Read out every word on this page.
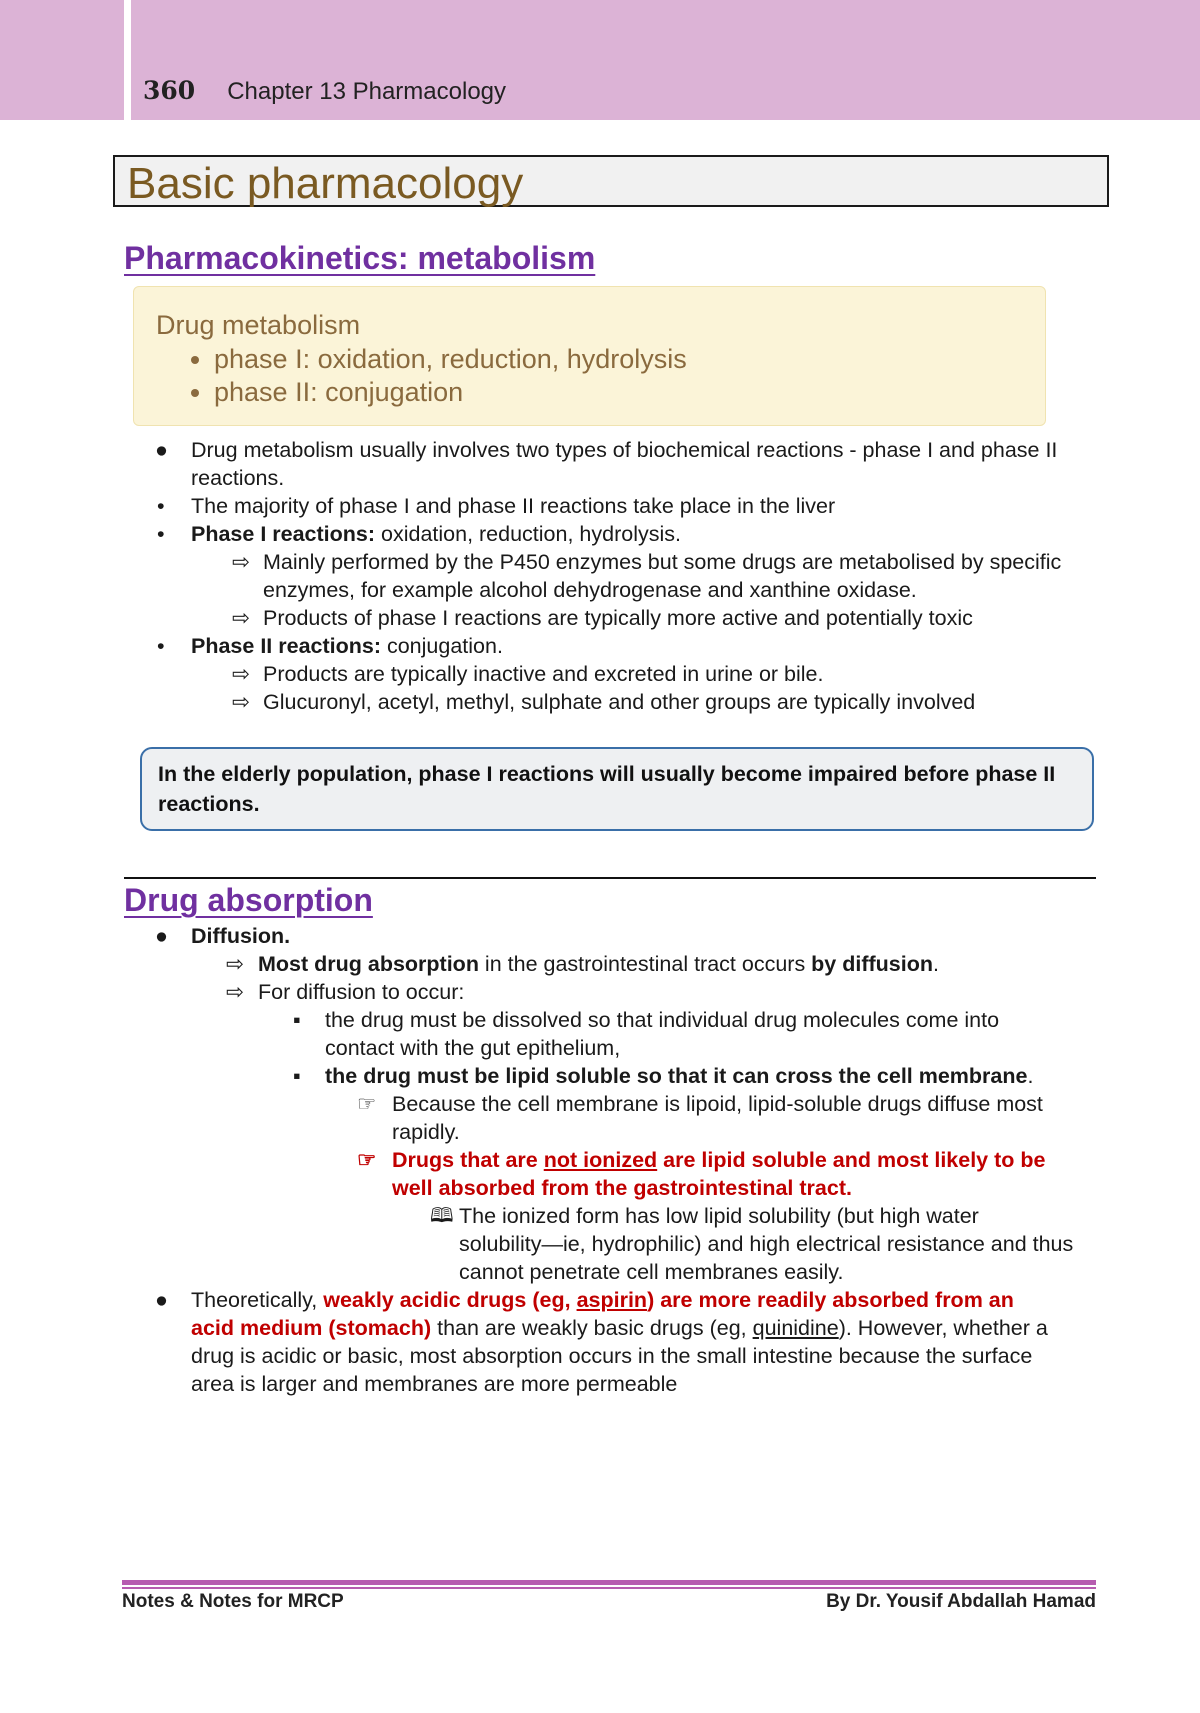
360 Chapter 13 Pharmacology
Basic pharmacology
Pharmacokinetics: metabolism
Drug metabolism
• phase I: oxidation, reduction, hydrolysis
• phase II: conjugation
● Drug metabolism usually involves two types of biochemical reactions - phase I and phase II
reactions.
• The majority of phase I and phase II reactions take place in the liver
• Phase I reactions: oxidation, reduction, hydrolysis.
⇨ Mainly performed by the P450 enzymes but some drugs are metabolised by specific
enzymes, for example alcohol dehydrogenase and xanthine oxidase.
⇨ Products of phase I reactions are typically more active and potentially toxic
• Phase II reactions: conjugation.
⇨ Products are typically inactive and excreted in urine or bile.
⇨ Glucuronyl, acetyl, methyl, sulphate and other groups are typically involved
In the elderly population, phase I reactions will usually become impaired before phase II reactions.
Drug absorption
● Diffusion.
⇨ Most drug absorption in the gastrointestinal tract occurs by diffusion.
⇨ For diffusion to occur:
▪ the drug must be dissolved so that individual drug molecules come into
contact with the gut epithelium,
▪ the drug must be lipid soluble so that it can cross the cell membrane.
☞ Because the cell membrane is lipoid, lipid-soluble drugs diffuse most
rapidly.
☞ Drugs that are not ionized are lipid soluble and most likely to be
well absorbed from the gastrointestinal tract.
🕮 The ionized form has low lipid solubility (but high water
solubility—ie, hydrophilic) and high electrical resistance and thus
cannot penetrate cell membranes easily.
● Theoretically, weakly acidic drugs (eg, aspirin) are more readily absorbed from an
acid medium (stomach) than are weakly basic drugs (eg, quinidine). However, whether a
drug is acidic or basic, most absorption occurs in the small intestine because the surface
area is larger and membranes are more permeable
Notes & Notes for MRCP	By Dr. Yousif Abdallah Hamad
